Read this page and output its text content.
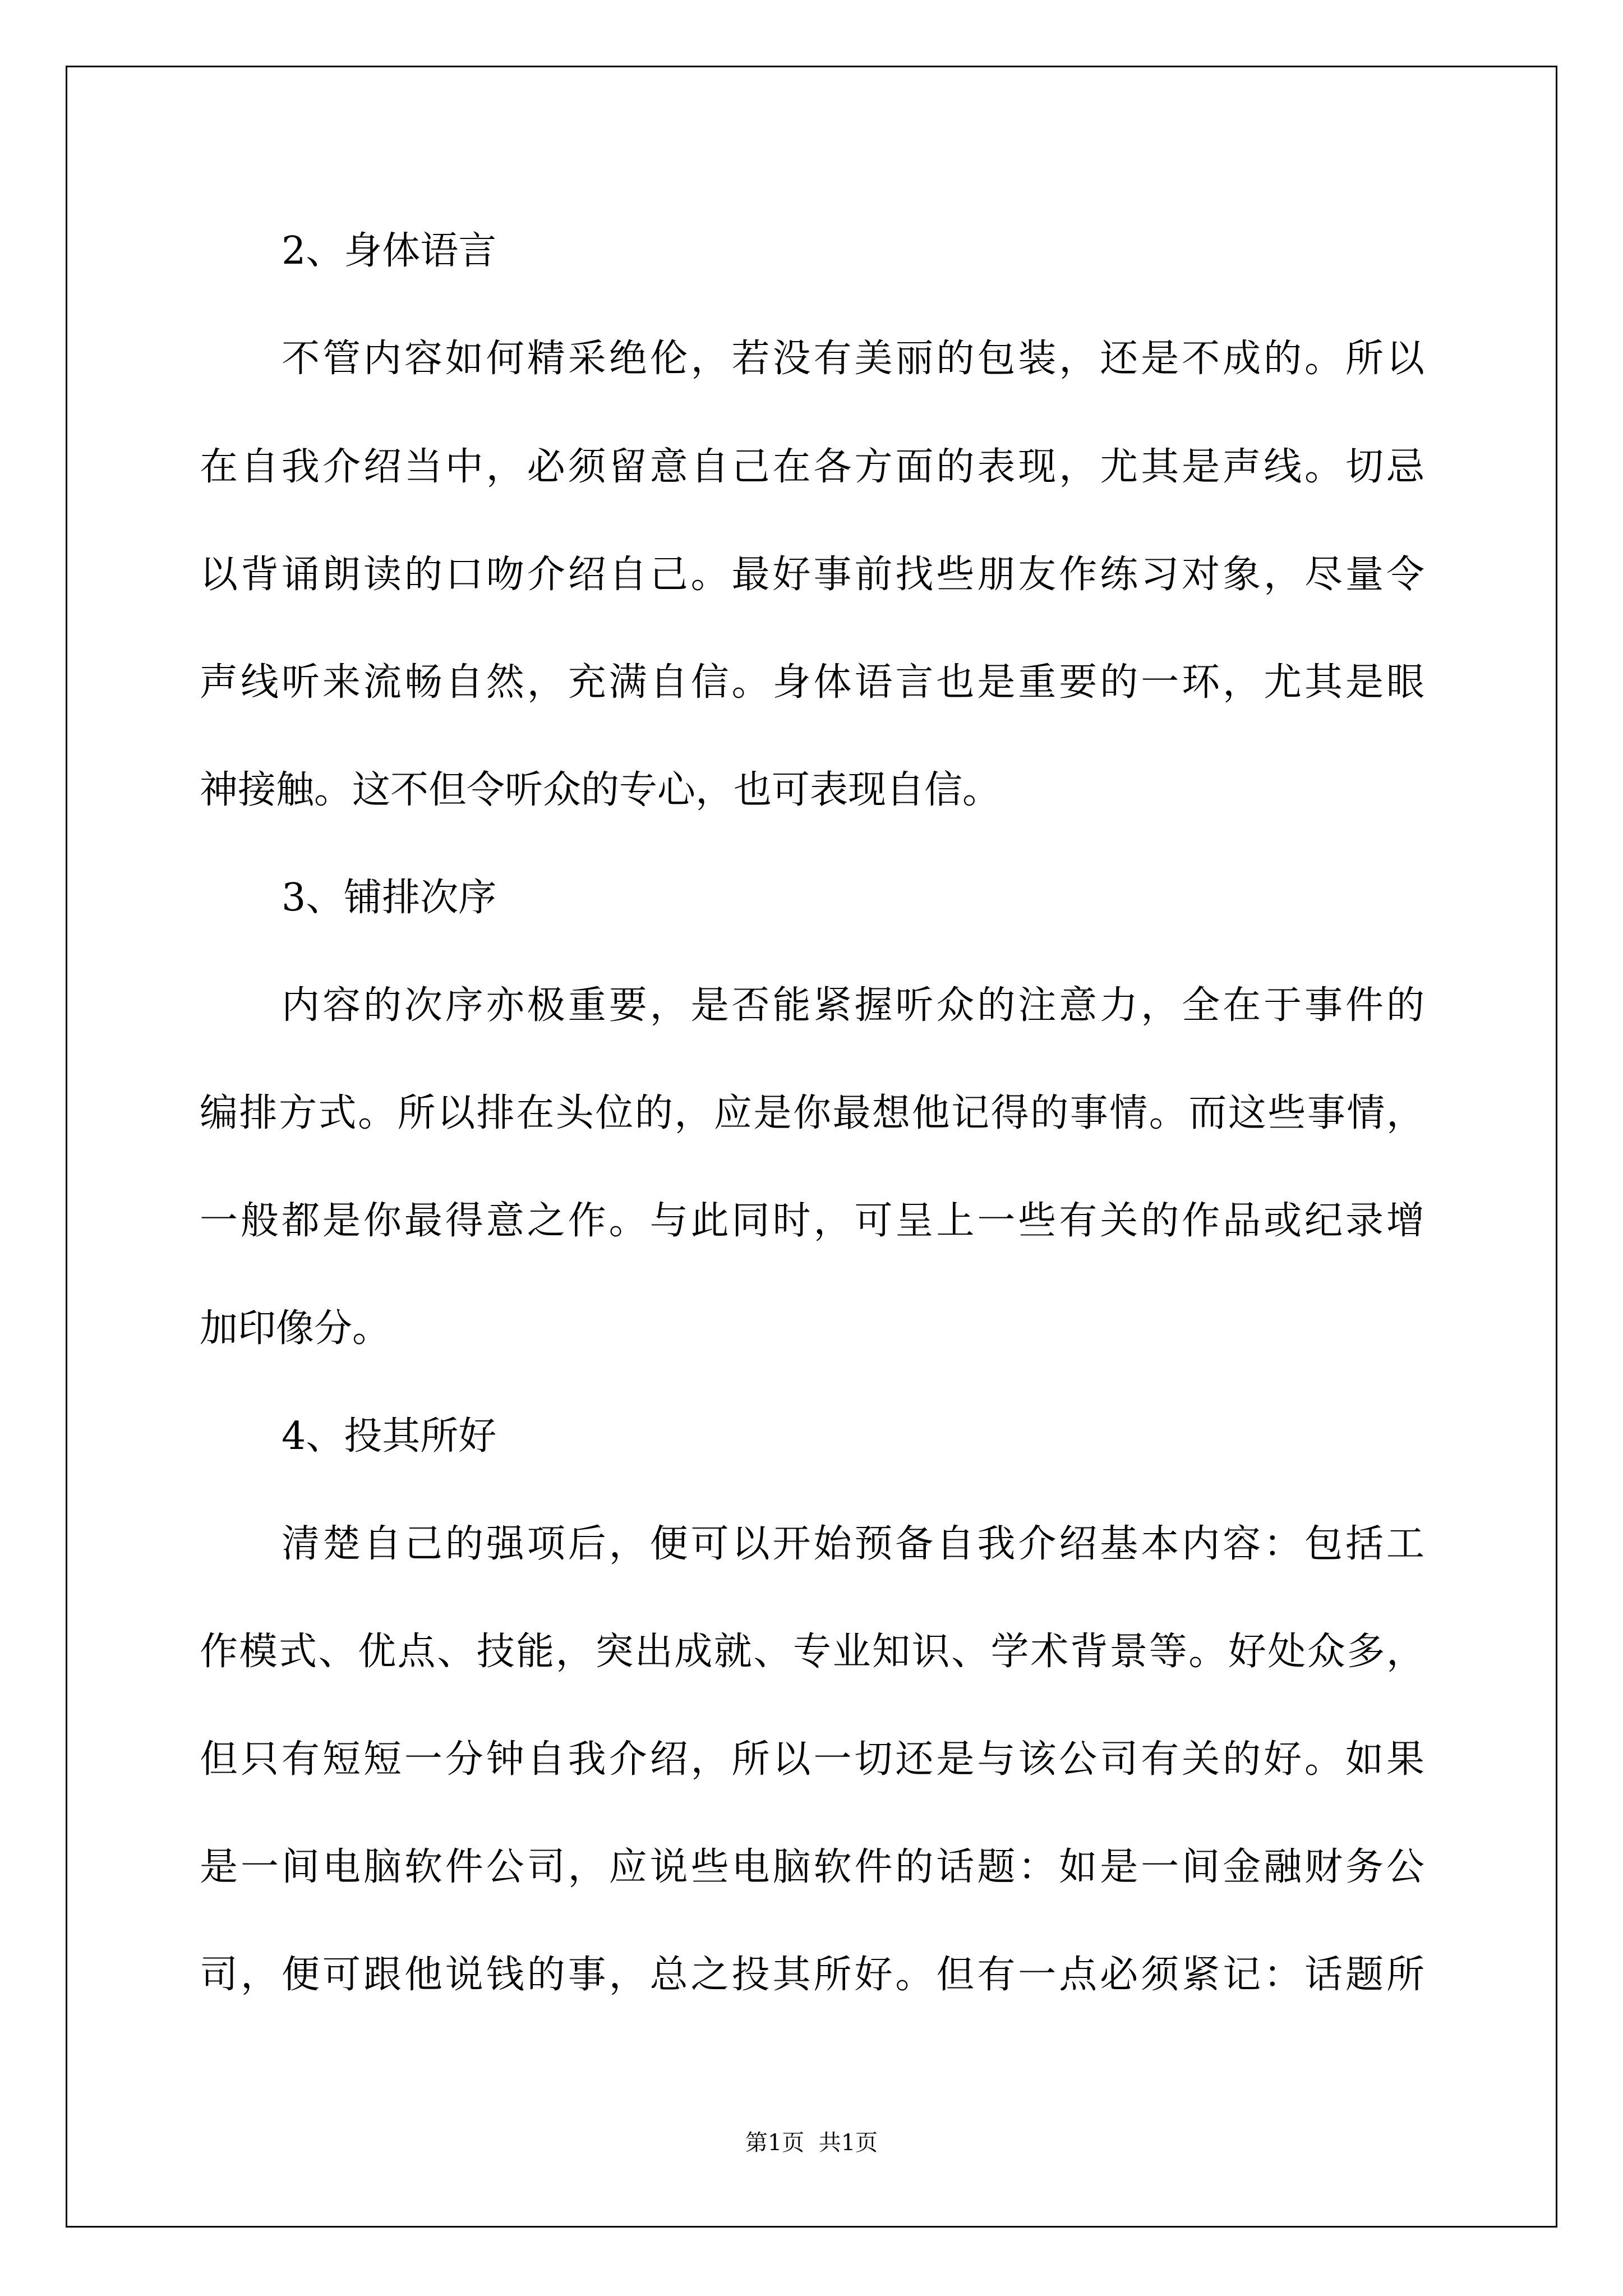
2、身体语言
不管内容如何精采绝伦，若没有美丽的包装，还是不成的。所以
在自我介绍当中，必须留意自己在各方面的表现，尤其是声线。切忌
以背诵朗读的口吻介绍自己。最好事前找些朋友作练习对象，尽量令
声线听来流畅自然，充满自信。身体语言也是重要的一环，尤其是眼
神接触。这不但令听众的专心，也可表现自信。
3、铺排次序
内容的次序亦极重要，是否能紧握听众的注意力，全在于事件的
编排方式。所以排在头位的，应是你最想他记得的事情。而这些事情，
一般都是你最得意之作。与此同时，可呈上一些有关的作品或纪录增
加印像分。
4、投其所好
清楚自己的强项后，便可以开始预备自我介绍基本内容：包括工
作模式、优点、技能，突出成就、专业知识、学术背景等。好处众多，
但只有短短一分钟自我介绍，所以一切还是与该公司有关的好。如果
是一间电脑软件公司，应说些电脑软件的话题：如是一间金融财务公
司，便可跟他说钱的事，总之投其所好。但有一点必须紧记：话题所
第1页  共1页
